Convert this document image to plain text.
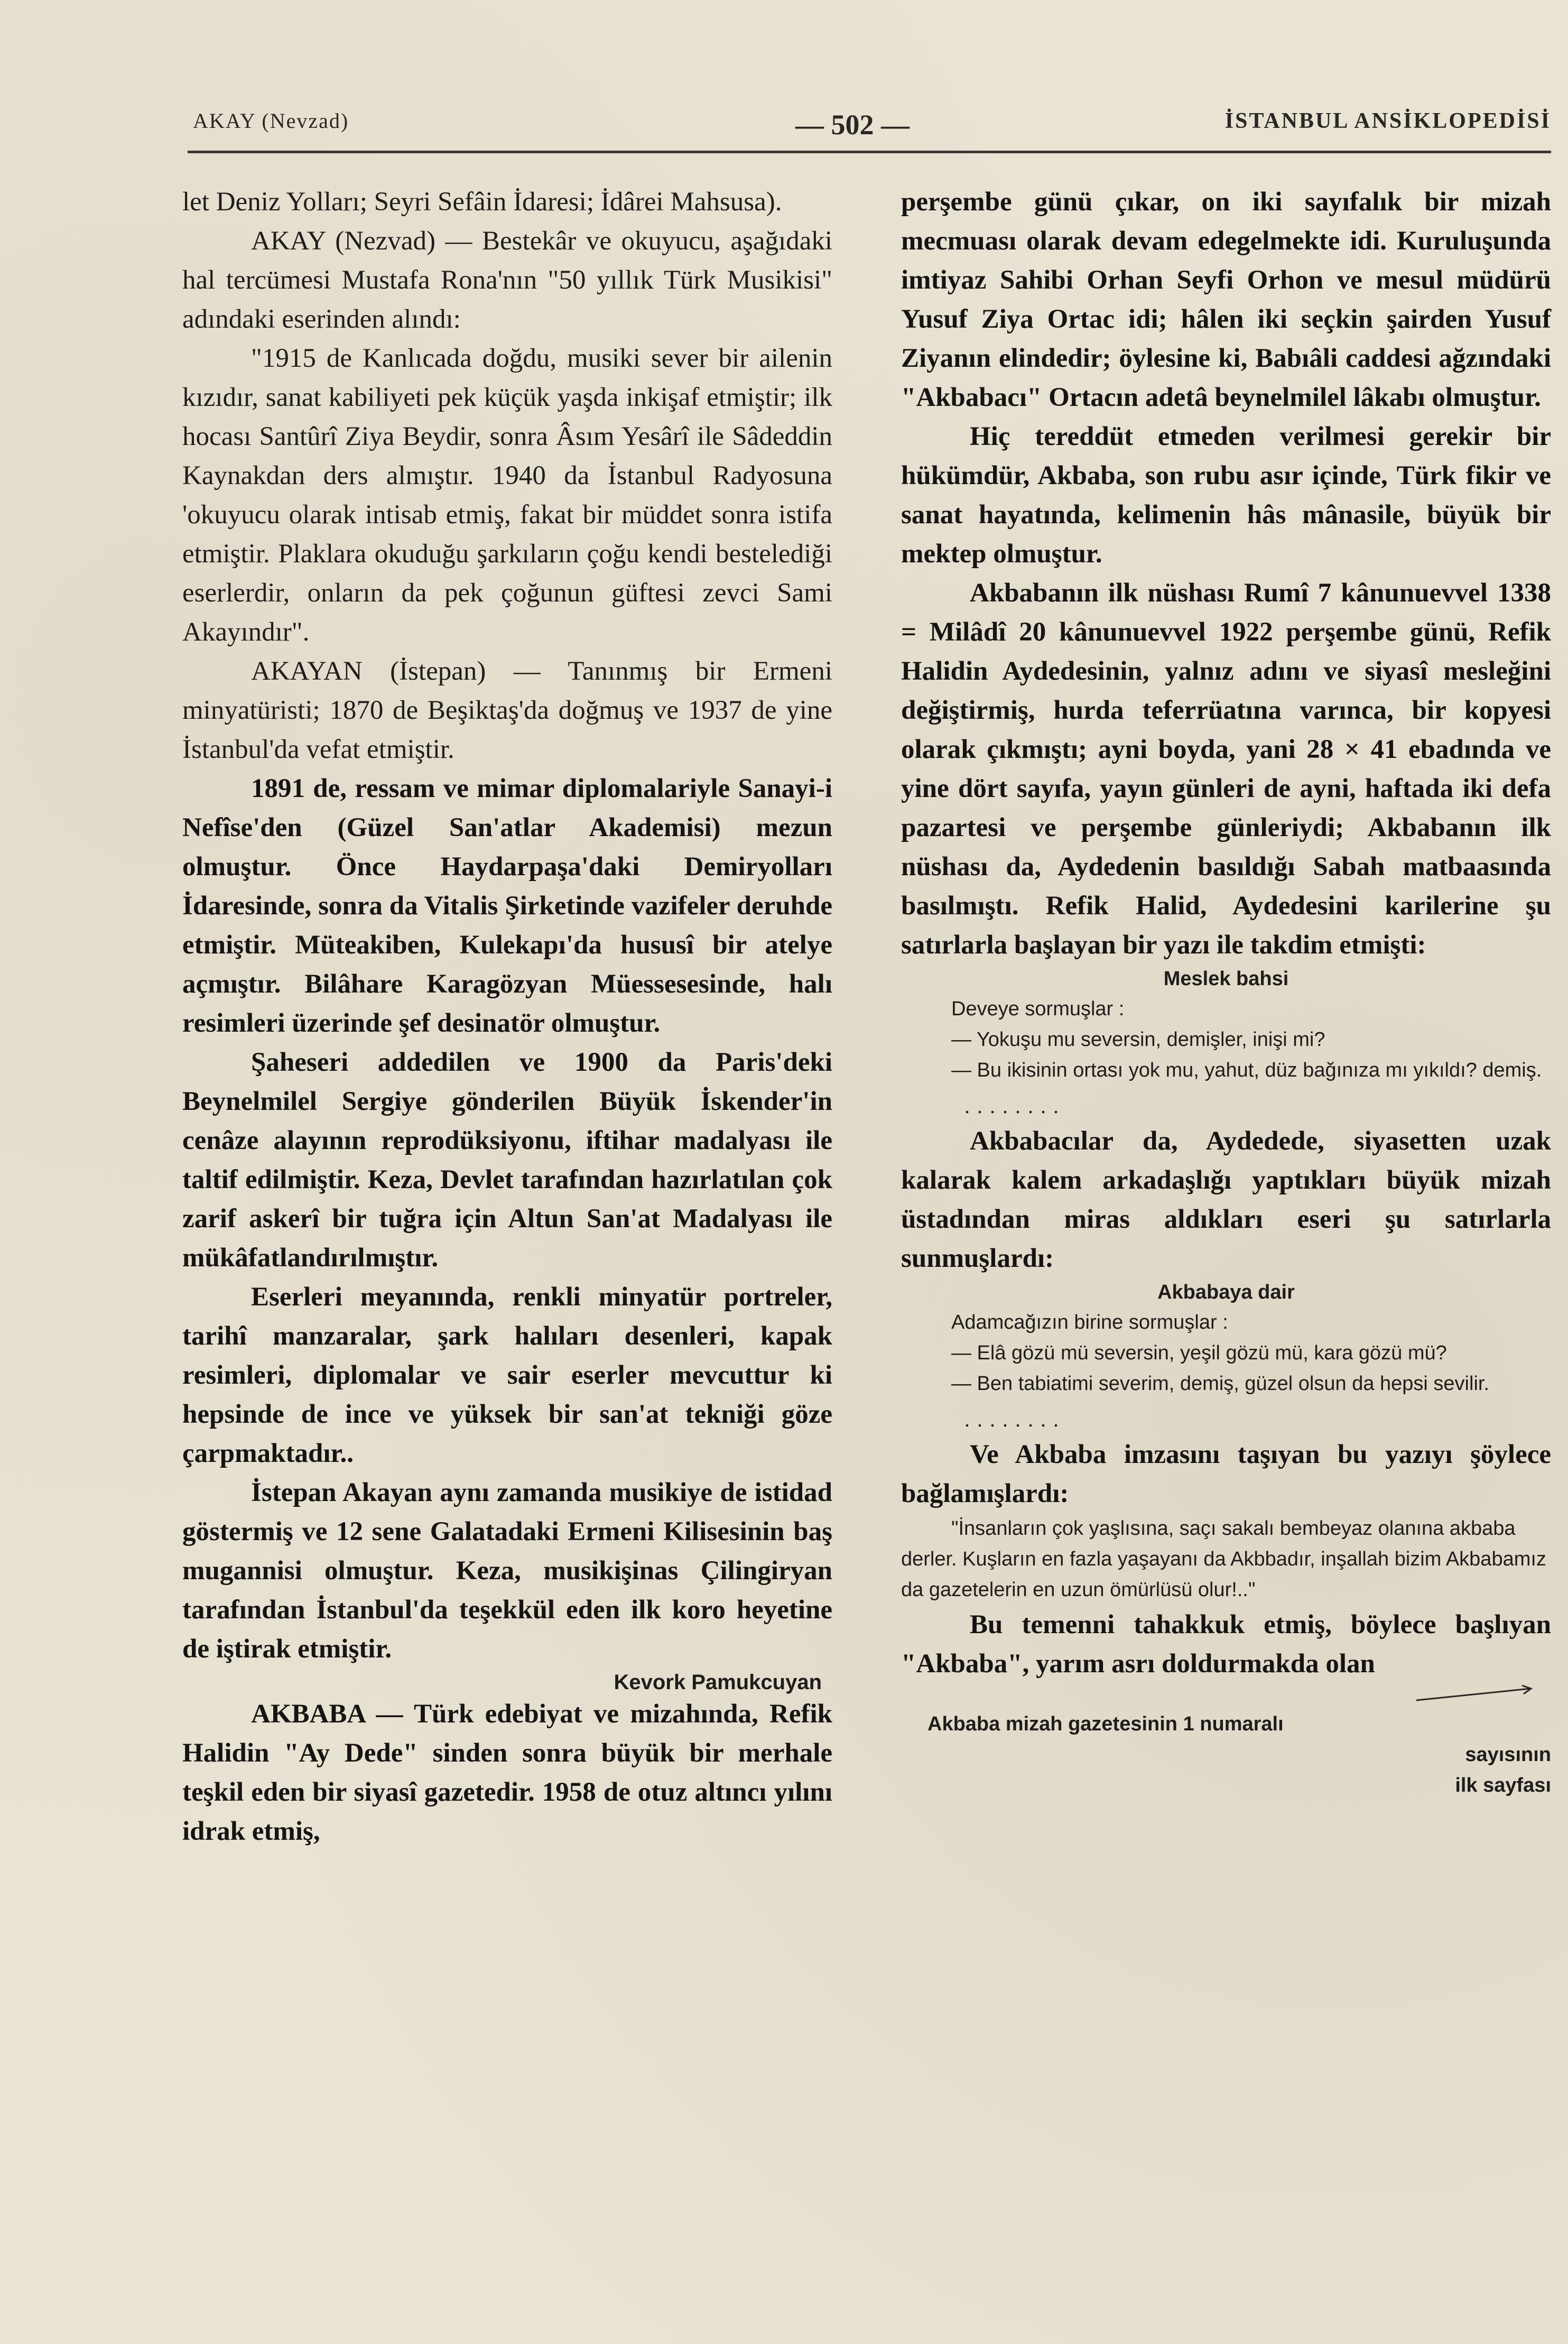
AKAY (Nevzad)	— 502 —	İSTANBUL ANSİKLOPEDİSİ

let Deniz Yolları; Seyri Sefâin İdaresi; İdârei Mahsusa).

AKAY (Nezvad) — Bestekâr ve okuyucu, aşağıdaki hal tercümesi Mustafa Rona'nın "50 yıllık Türk Musikisi" adındaki eserinden alındı:

"1915 de Kanlıcada doğdu, musiki sever bir ailenin kızıdır, sanat kabiliyeti pek küçük yaşda inkişaf etmiştir; ilk hocası Santûrî Ziya Beydir, sonra Âsım Yesârî ile Sâdeddin Kaynakdan ders almıştır. 1940 da İstanbul Radyosuna 'okuyucu olarak intisab etmiş, fakat bir müddet sonra istifa etmiştir. Plaklara okuduğu şarkıların çoğu kendi bestelediği eserlerdir, onların da pek çoğunun güftesi zevci Sami Akayındır".

AKAYAN (İstepan) — Tanınmış bir Ermeni minyatüristi; 1870 de Beşiktaş'da doğmuş ve 1937 de yine İstanbul'da vefat etmiştir.

1891 de, ressam ve mimar diplomalariyle Sanayi-i Nefîse'den (Güzel San'atlar Akademisi) mezun olmuştur. Önce Haydarpaşa'daki Demiryolları İdaresinde, sonra da Vitalis Şirketinde vazifeler deruhde etmiştir. Müteakiben, Kulekapı'da hususî bir atelye açmıştır. Bilâhare Karagözyan Müessesesinde, halı resimleri üzerinde şef desinatör olmuştur.

Şaheseri addedilen ve 1900 da Paris'deki Beynelmilel Sergiye gönderilen Büyük İskender'in cenâze alayının reprodüksiyonu, iftihar madalyası ile taltif edilmiştir. Keza, Devlet tarafından hazırlatılan çok zarif askerî bir tuğra için Altun San'at Madalyası ile mükâfatlandırılmıştır.

Eserleri meyanında, renkli minyatür portreler, tarihî manzaralar, şark halıları desenleri, kapak resimleri, diplomalar ve sair eserler mevcuttur ki hepsinde de ince ve yüksek bir san'at tekniği göze çarpmaktadır..

İstepan Akayan aynı zamanda musikiye de istidad göstermiş ve 12 sene Galatadaki Ermeni Kilisesinin baş mugannisi olmuştur. Keza, musikişinas Çilingiryan tarafından İstanbul'da teşekkül eden ilk koro heyetine de iştirak etmiştir.

Kevork Pamukcuyan

AKBABA — Türk edebiyat ve mizahında, Refik Halidin "Ay Dede" sinden sonra büyük bir merhale teşkil eden bir siyasî gazetedir. 1958 de otuz altıncı yılını idrak etmiş,

perşembe günü çıkar, on iki sayıfalık bir mizah mecmuası olarak devam edegelmekte idi. Kuruluşunda imtiyaz Sahibi Orhan Seyfi Orhon ve mesul müdürü Yusuf Ziya Ortac idi; hâlen iki seçkin şairden Yusuf Ziyanın elindedir; öylesine ki, Babıâli caddesi ağzındaki "Akbabacı" Ortacın adetâ beynelmilel lâkabı olmuştur.

Hiç tereddüt etmeden verilmesi gerekir bir hükümdür, Akbaba, son rubu asır içinde, Türk fikir ve sanat hayatında, kelimenin hâs mânasile, büyük bir mektep olmuştur.

Akbabanın ilk nüshası Rumî 7 kânunuevvel 1338 = Milâdî 20 kânunuevvel 1922 perşembe günü, Refik Halidin Aydedesinin, yalnız adını ve siyasî mesleğini değiştirmiş, hurda teferrüatına varınca, bir kopyesi olarak çıkmıştı; ayni boyda, yani 28 × 41 ebadında ve yine dört sayıfa, yayın günleri de ayni, haftada iki defa pazartesi ve perşembe günleriydi; Akbabanın ilk nüshası da, Aydedenin basıldığı Sabah matbaasında basılmıştı. Refik Halid, Aydedesini karilerine şu satırlarla başlayan bir yazı ile takdim etmişti:

Meslek bahsi
Deveye sormuşlar :
— Yokuşu mu seversin, demişler, inişi mi?
— Bu ikisinin ortası yok mu, yahut, düz bağınıza mı yıkıldı? demiş.
........

Akbabacılar da, Aydedede, siyasetten uzak kalarak kalem arkadaşlığı yaptıkları büyük mizah üstadından miras aldıkları eseri şu satırlarla sunmuşlardı:

Akbabaya dair
Adamcağızın birine sormuşlar :
— Elâ gözü mü seversin, yeşil gözü mü, kara gözü mü?
— Ben tabiatimi severim, demiş, güzel olsun da hepsi sevilir.
........

Ve Akbaba imzasını taşıyan bu yazıyı şöylece bağlamışlardı:

"İnsanların çok yaşlısına, saçı sakalı bembeyaz olanına akbaba derler. Kuşların en fazla yaşayanı da Akbbadır, inşallah bizim Akbabamız da gazetelerin en uzun ömürlüsü olur!.."

Bu temenni tahakkuk etmiş, böylece başlıyan "Akbaba", yarım asrı doldurmakda olan

Akbaba mizah gazetesinin 1 numaralı
sayısının
ilk sayfası
